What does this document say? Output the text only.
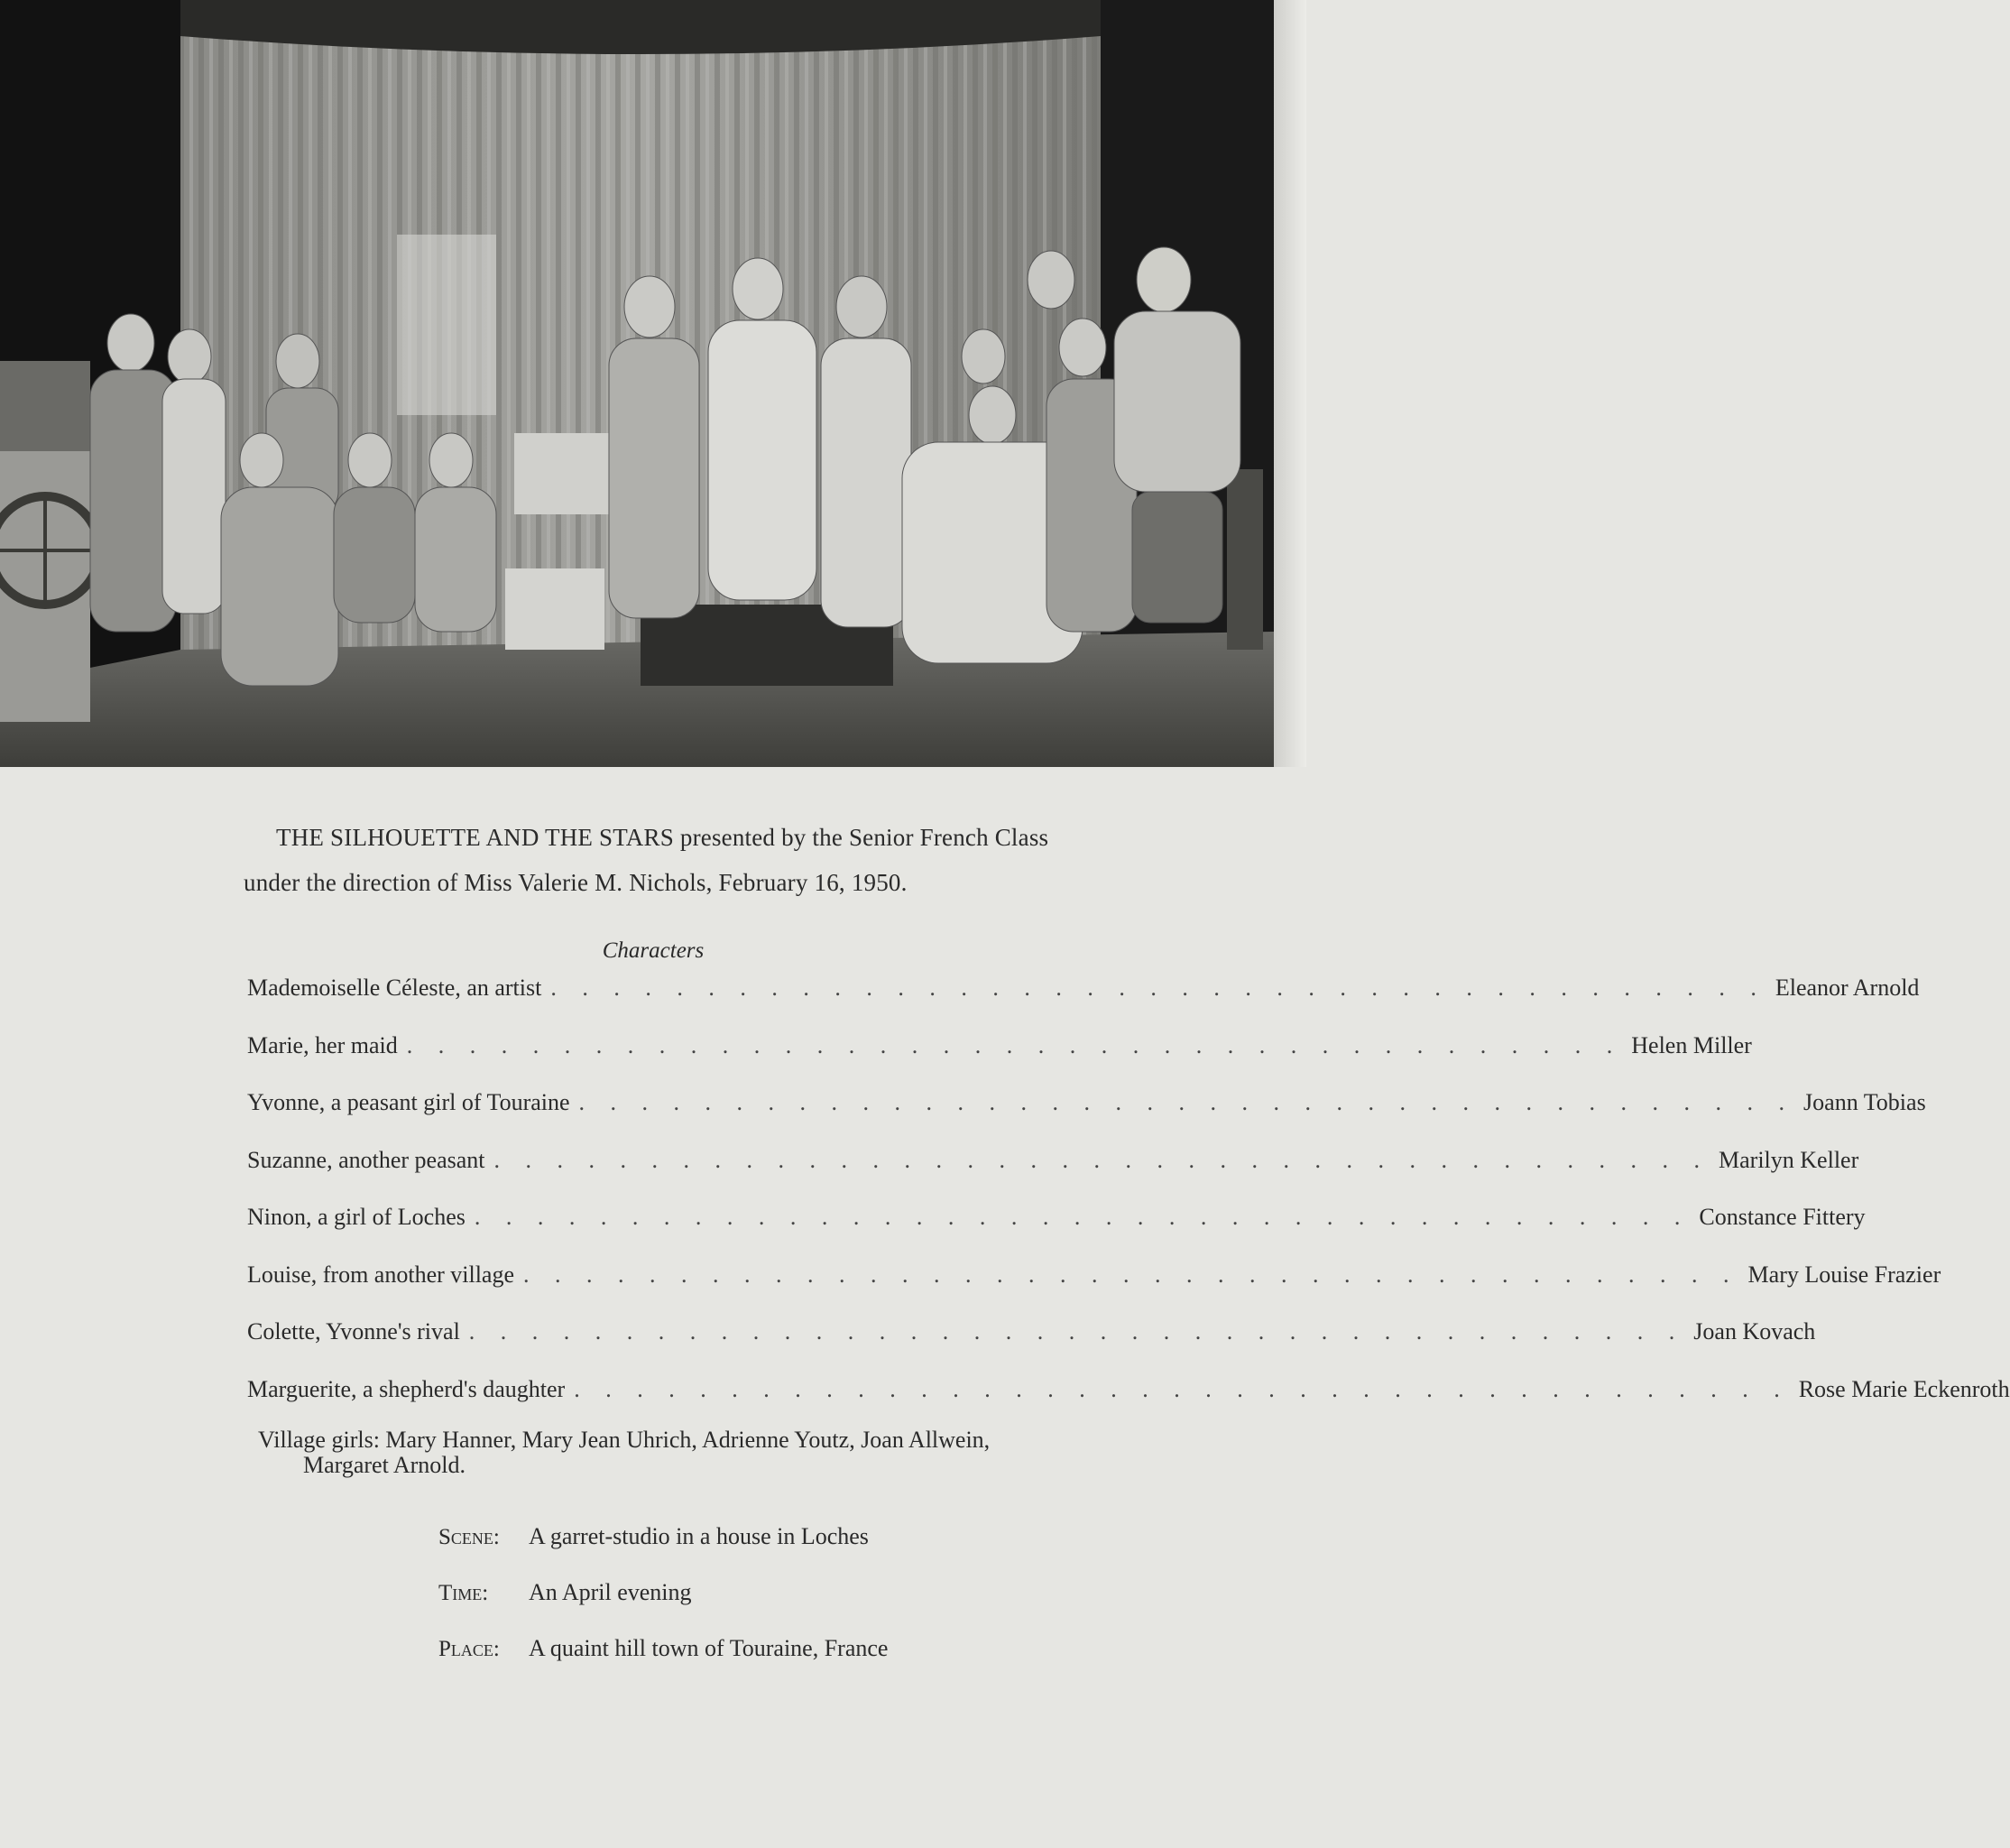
THE SILHOUETTE AND THE STARS presented by the Senior French Class under the direction of Miss Valerie M. Nichols, February 16, 1950.

Characters
Mademoiselle Céleste, an artist . . . . . . . . . . . . . . . . . . . . . . . . . . . . . . . . . . . . . . . Eleanor Arnold
Marie, her maid . . . . . . . . . . . . . . . . . . . . . . . . . . . . . . . . . . . . . . . Helen Miller
Yvonne, a peasant girl of Touraine . . . . . . . . . . . . . . . . . . . . . . . . . . . . . . . . . . . . . . . Joann Tobias
Suzanne, another peasant . . . . . . . . . . . . . . . . . . . . . . . . . . . . . . . . . . . . . . . Marilyn Keller
Ninon, a girl of Loches . . . . . . . . . . . . . . . . . . . . . . . . . . . . . . . . . . . . . . . Constance Fittery
Louise, from another village . . . . . . . . . . . . . . . . . . . . . . . . . . . . . . . . . . . . . . . Mary Louise Frazier
Colette, Yvonne's rival . . . . . . . . . . . . . . . . . . . . . . . . . . . . . . . . . . . . . . . Joan Kovach
Marguerite, a shepherd's daughter . . . . . . . . . . . . . . . . . . . . . . . . . . . . . . . . . . . . . . . Rose Marie Eckenroth
Village girls: Mary Hanner, Mary Jean Uhrich, Adrienne Youtz, Joan Allwein,
Margaret Arnold.
Scene:	A garret-studio in a house in Loches
Time:	An April evening
Place:	A quaint hill town of Touraine, France
